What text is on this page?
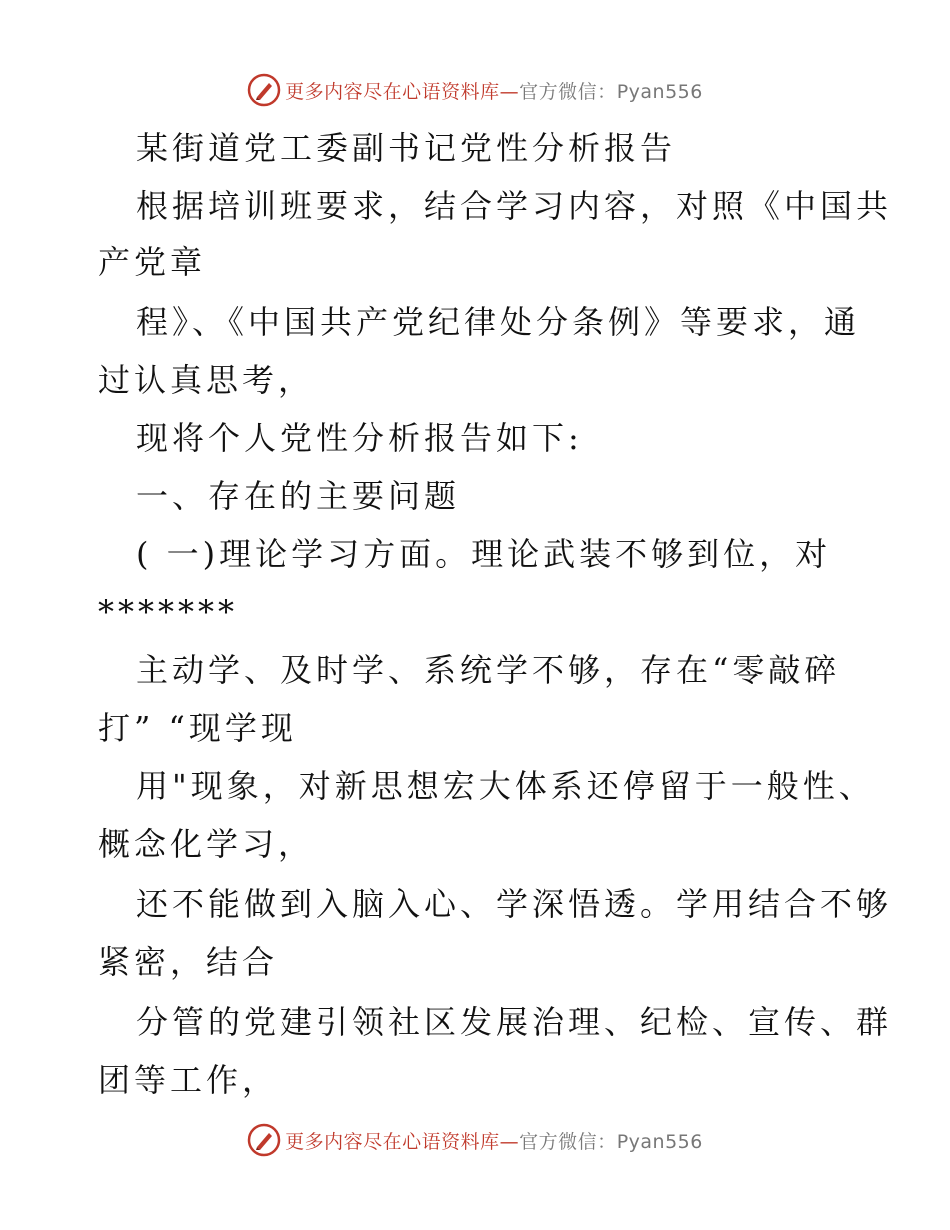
更多内容尽在心语资料库—官方微信：Pyan556
某街道党工委副书记党性分析报告
根据培训班要求，结合学习内容，对照《中国共
产党章
程》、《中国共产党纪律处分条例》等要求，通
过认真思考，
现将个人党性分析报告如下:
一、存在的主要问题
( 一)理论学习方面。理论武装不够到位，对
*******
主动学、及时学、系统学不够，存在“零敲碎
打” “现学现
用"现象，对新思想宏大体系还停留于一般性、
概念化学习，
还不能做到入脑入心、学深悟透。学用结合不够
紧密，结合
分管的党建引领社区发展治理、纪检、宣传、群
团等工作，
更多内容尽在心语资料库—官方微信：Pyan556
